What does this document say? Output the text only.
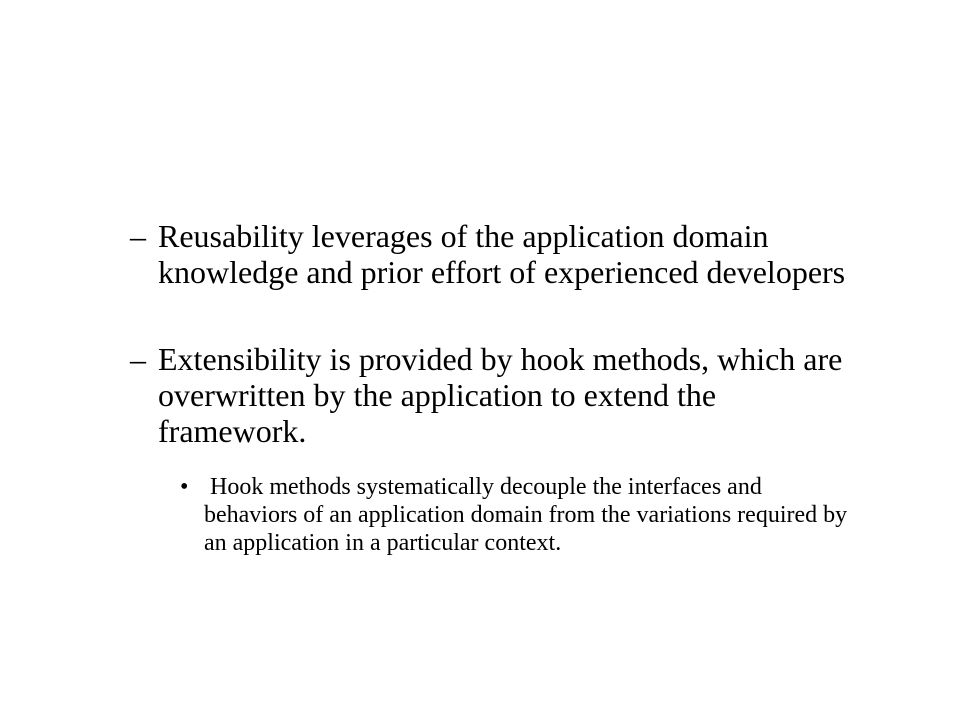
– Reusability leverages of the application domain knowledge and prior effort of experienced developers
– Extensibility is provided by hook methods, which are overwritten by the application to extend the framework.
• Hook methods systematically decouple the interfaces and behaviors of an application domain from the variations required by an application in a particular context.
